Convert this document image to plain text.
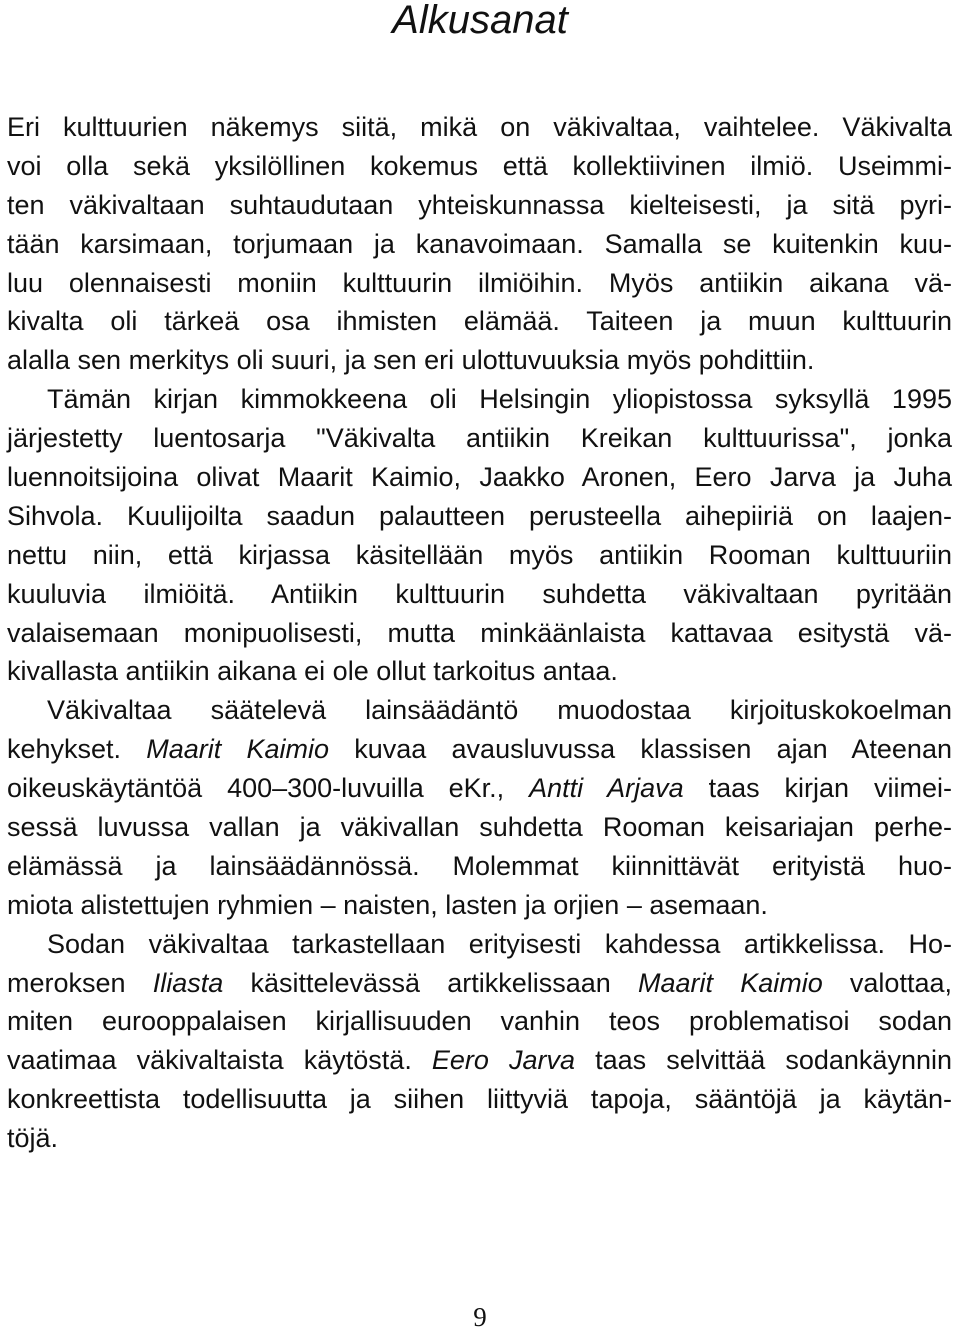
Alkusanat
Eri kulttuurien näkemys siitä, mikä on väkivaltaa, vaihtelee. Väkivalta
voi olla sekä yksilöllinen kokemus että kollektiivinen ilmiö. Useimmi-
ten väkivaltaan suhtaudutaan yhteiskunnassa kielteisesti, ja sitä pyri-
tään karsimaan, torjumaan ja kanavoimaan. Samalla se kuitenkin kuu-
luu olennaisesti moniin kulttuurin ilmiöihin. Myös antiikin aikana vä-
kivalta oli tärkeä osa ihmisten elämää. Taiteen ja muun kulttuurin
alalla sen merkitys oli suuri, ja sen eri ulottuvuuksia myös pohdittiin.
Tämän kirjan kimmokkeena oli Helsingin yliopistossa syksyllä 1995
järjestetty luentosarja "Väkivalta antiikin Kreikan kulttuurissa", jonka
luennoitsijoina olivat Maarit Kaimio, Jaakko Aronen, Eero Jarva ja Juha
Sihvola. Kuulijoilta saadun palautteen perusteella aihepiiriä on laajen-
nettu niin, että kirjassa käsitellään myös antiikin Rooman kulttuuriin
kuuluvia ilmiöitä. Antiikin kulttuurin suhdetta väkivaltaan pyritään
valaisemaan monipuolisesti, mutta minkäänlaista kattavaa esitystä vä-
kivallasta antiikin aikana ei ole ollut tarkoitus antaa.
Väkivaltaa säätelevä lainsäädäntö muodostaa kirjoituskokoelman
kehykset. Maarit Kaimio kuvaa avausluvussa klassisen ajan Ateenan
oikeuskäytäntöä 400–300-luvuilla eKr., Antti Arjava taas kirjan viimei-
sessä luvussa vallan ja väkivallan suhdetta Rooman keisariajan perhe-
elämässä ja lainsäädännössä. Molemmat kiinnittävät erityistä huo-
miota alistettujen ryhmien – naisten, lasten ja orjien – asemaan.
Sodan väkivaltaa tarkastellaan erityisesti kahdessa artikkelissa. Ho-
meroksen Iliasta käsittelevässä artikkelissaan Maarit Kaimio valottaa,
miten eurooppalaisen kirjallisuuden vanhin teos problematisoi sodan
vaatimaa väkivaltaista käytöstä. Eero Jarva taas selvittää sodankäynnin
konkreettista todellisuutta ja siihen liittyviä tapoja, sääntöjä ja käytän-
töjä.
9
